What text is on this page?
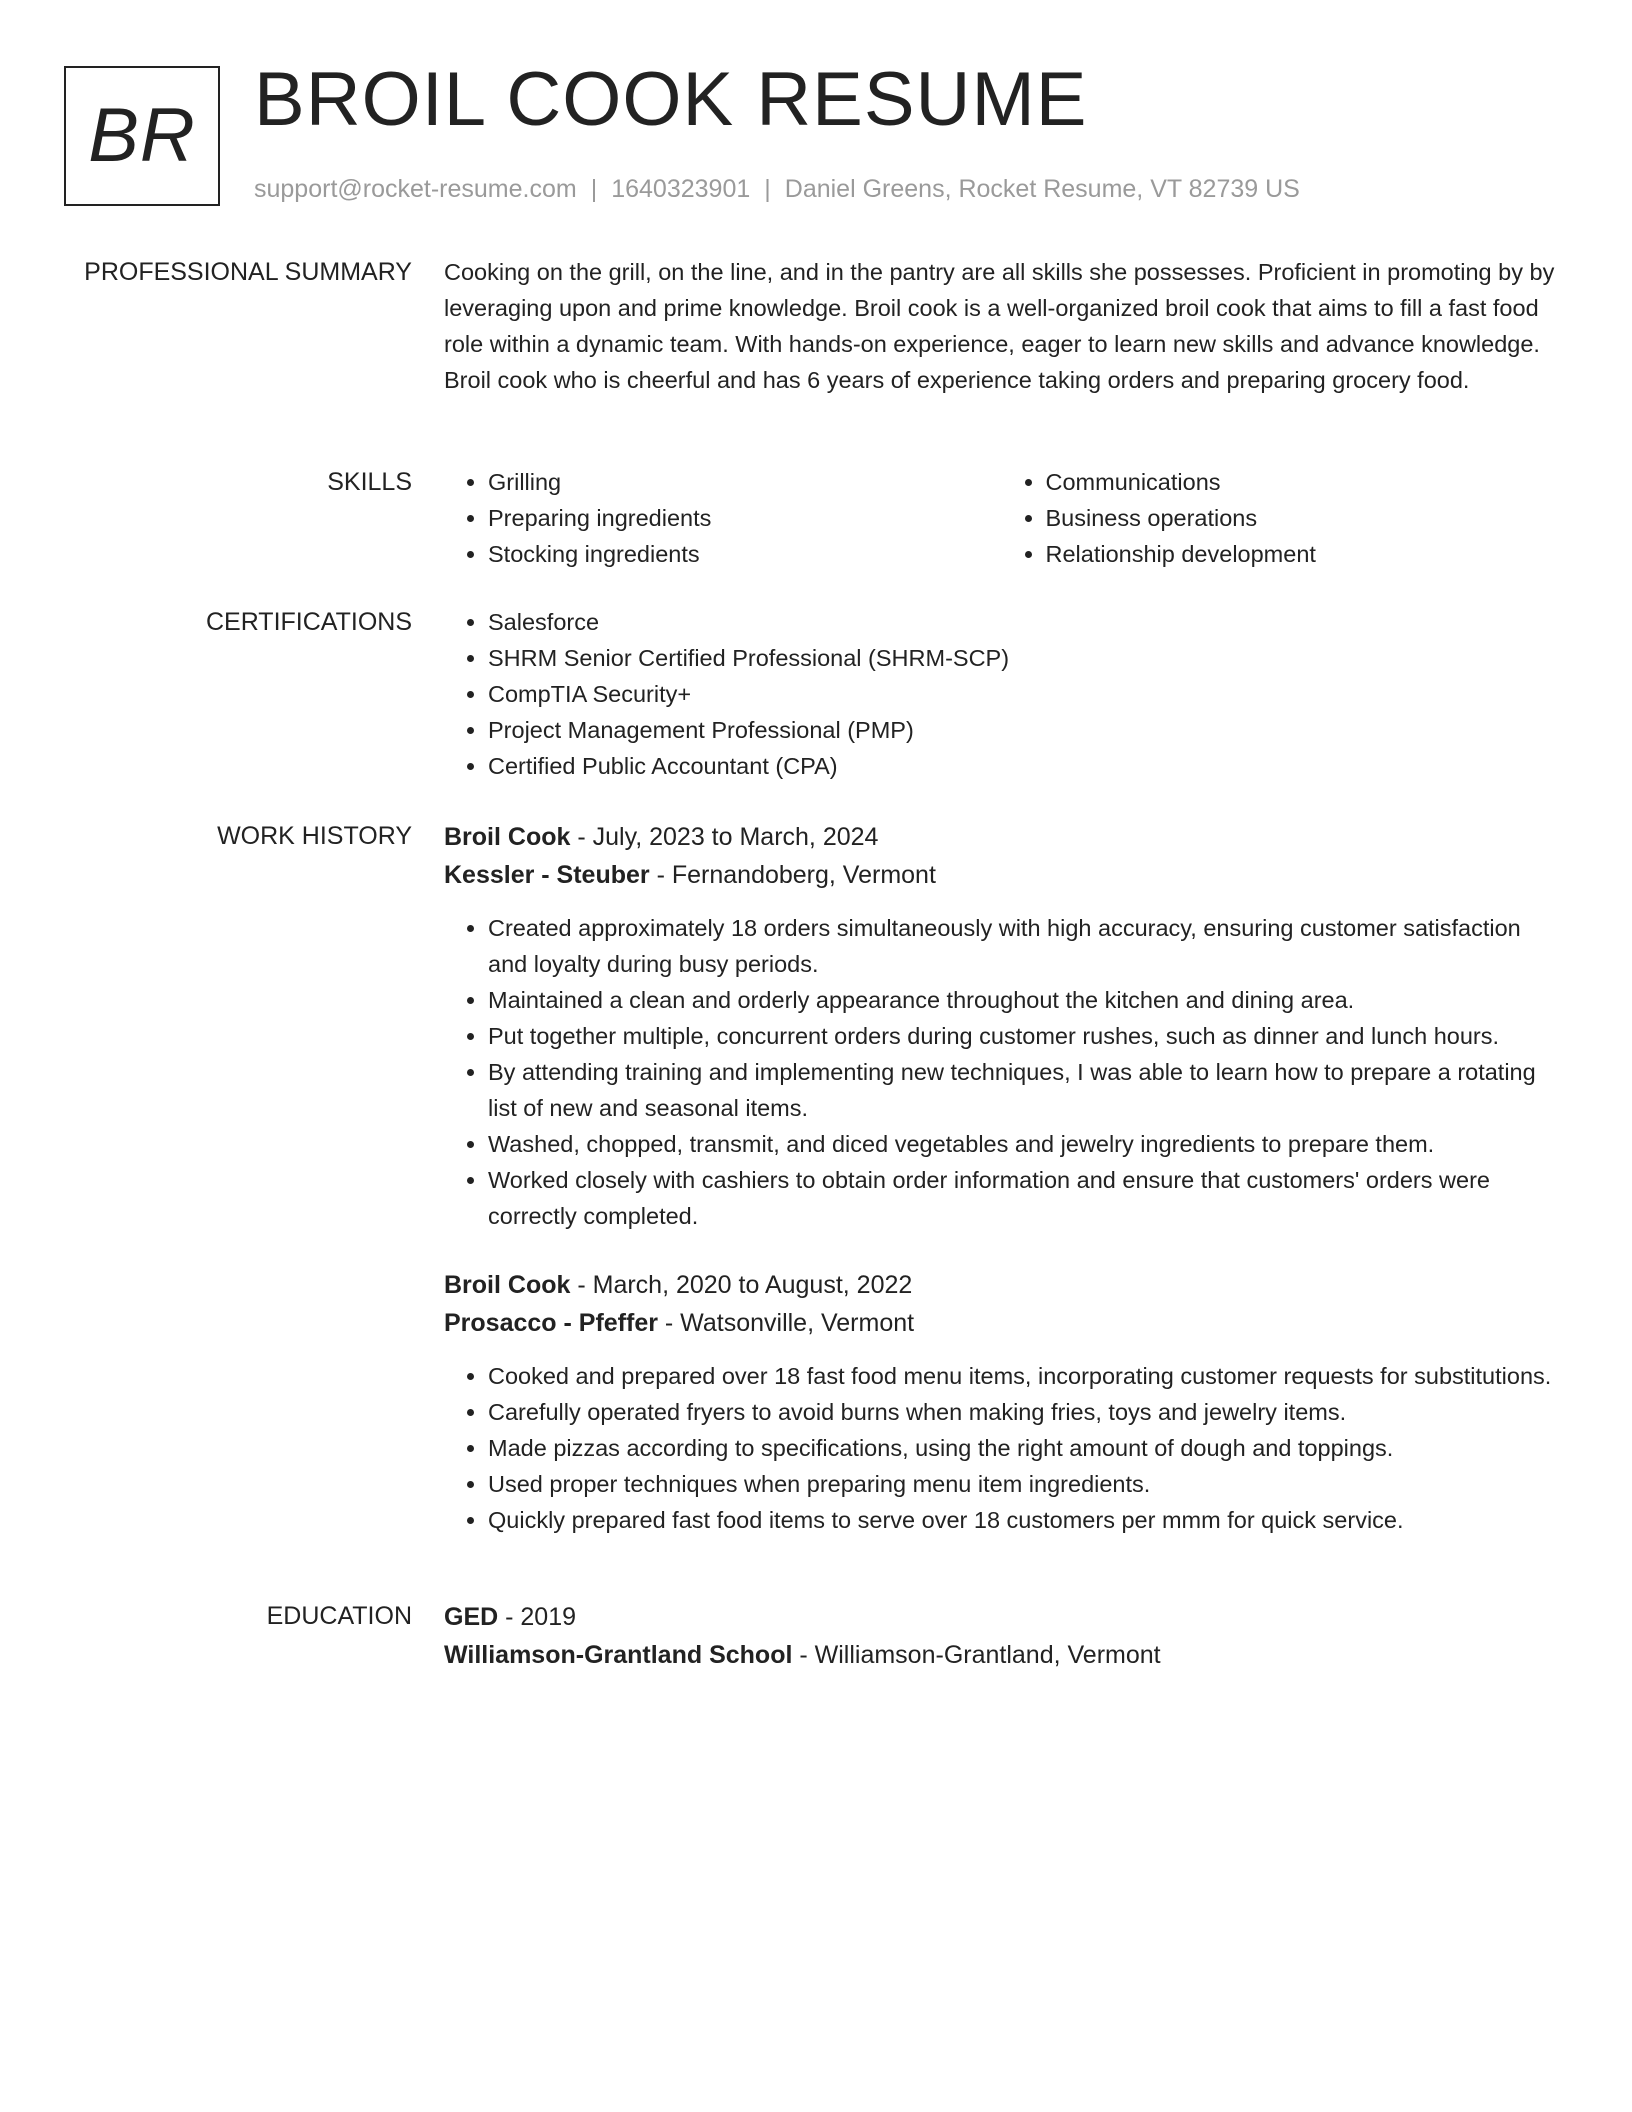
BR BROIL COOK RESUME
support@rocket-resume.com | 1640323901 | Daniel Greens, Rocket Resume, VT 82739 US
PROFESSIONAL SUMMARY Cooking on the grill, on the line, and in the pantry are all skills she possesses. Proficient in promoting by by leveraging upon and prime knowledge. Broil cook is a well-organized broil cook that aims to fill a fast food role within a dynamic team. With hands-on experience, eager to learn new skills and advance knowledge. Broil cook who is cheerful and has 6 years of experience taking orders and preparing grocery food.

SKILLS	• Grilling
• Preparing ingredients
• Stocking ingredients
• Communications
• Business operations
• Relationship development
CERTIFICATIONS	• Salesforce
• SHRM Senior Certified Professional (SHRM-SCP)
• CompTIA Security+
• Project Management Professional (PMP)
• Certified Public Accountant (CPA)
WORK HISTORY Broil Cook - July, 2023 to March, 2024
Kessler - Steuber - Fernandoberg, Vermont
• Created approximately 18 orders simultaneously with high accuracy, ensuring customer satisfaction and loyalty during busy periods.
• Maintained a clean and orderly appearance throughout the kitchen and dining area.
• Put together multiple, concurrent orders during customer rushes, such as dinner and lunch hours.
• By attending training and implementing new techniques, I was able to learn how to prepare a rotating list of new and seasonal items.
• Washed, chopped, transmit, and diced vegetables and jewelry ingredients to prepare them.
• Worked closely with cashiers to obtain order information and ensure that customers' orders were correctly completed.
Broil Cook - March, 2020 to August, 2022
Prosacco - Pfeffer - Watsonville, Vermont
• Cooked and prepared over 18 fast food menu items, incorporating customer requests for substitutions.
• Carefully operated fryers to avoid burns when making fries, toys and jewelry items.
• Made pizzas according to specifications, using the right amount of dough and toppings.
• Used proper techniques when preparing menu item ingredients.
• Quickly prepared fast food items to serve over 18 customers per mmm for quick service.
EDUCATION GED - 2019
Williamson-Grantland School - Williamson-Grantland, Vermont
